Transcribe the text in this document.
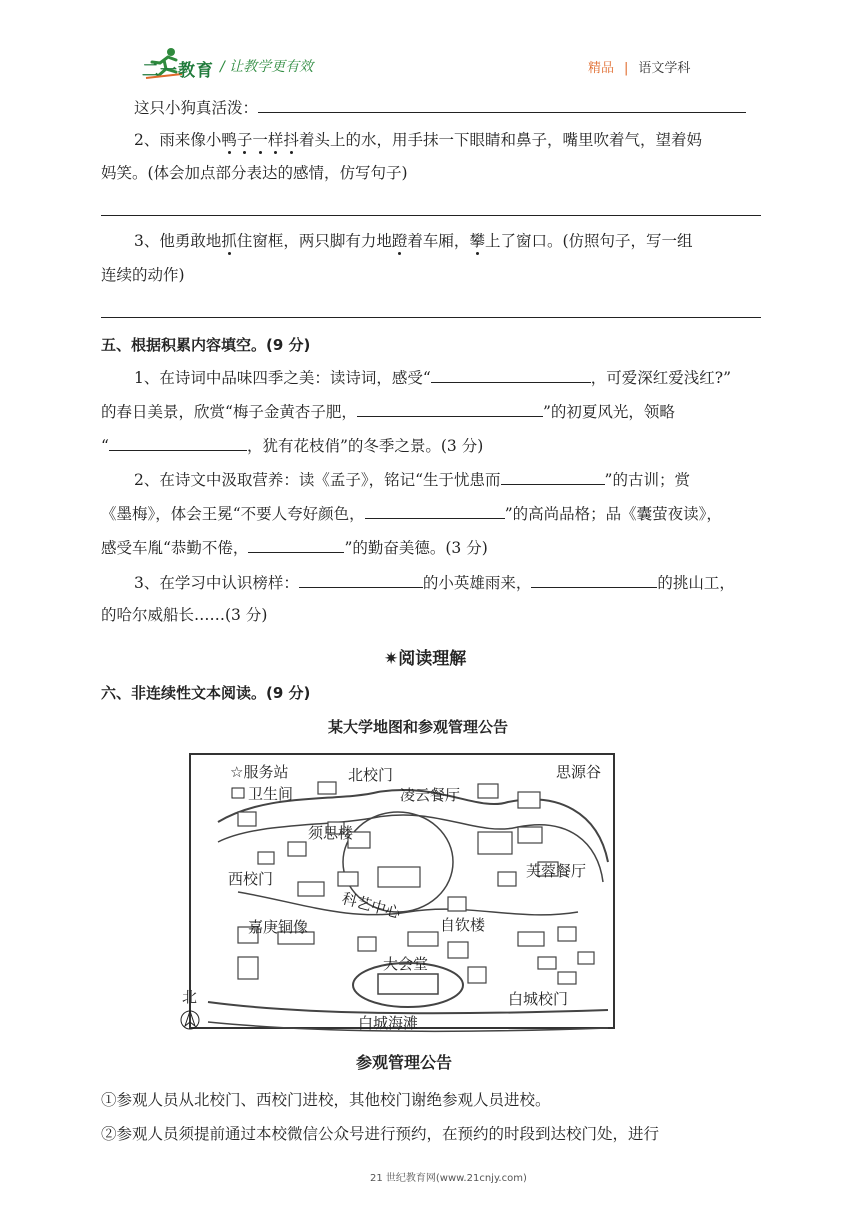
二一教育 / 让教学更有效	精品 | 语文学科
这只小狗真活泼：
2、雨来像小鸭子一样抖着头上的水，用手抹一下眼睛和鼻子，嘴里吹着气，望着妈
妈笑。(体会加点部分表达的感情，仿写句子)
3、他勇敢地抓住窗框，两只脚有力地蹬着车厢，攀上了窗口。(仿照句子，写一组
连续的动作)
五、根据积累内容填空。(9 分)
1、在诗词中品味四季之美：读诗词，感受“	，可爱深红爱浅红?”
的春日美景，欣赏“梅子金黄杏子肥，	”的初夏风光，领略
“	，犹有花枝俏”的冬季之景。(3 分)
2、在诗文中汲取营养：读《孟子》，铭记“生于忧患而	”的古训；赏
《墨梅》，体会王冕“不要人夸好颜色，	”的高尚品格；品《囊萤夜读》，
感受车胤“恭勤不倦，	”的勤奋美德。(3 分)
3、在学习中认识榜样：	的小英雄雨来，	的挑山工，
的哈尔威船长……(3 分)
✷阅读理解
六、非连续性文本阅读。(9 分)
某大学地图和参观管理公告
☆服务站
卫生间
北校门
凌云餐厅
思源谷
须思楼
西校门	芙蓉餐厅
科艺中心
嘉庚铜像	自钦楼
大会堂
白城校门
白城海滩
北
参观管理公告
①参观人员从北校门、西校门进校，其他校门谢绝参观人员进校。
②参观人员须提前通过本校微信公众号进行预约，在预约的时段到达校门处，进行
21 世纪教育网(www.21cnjy.com)
